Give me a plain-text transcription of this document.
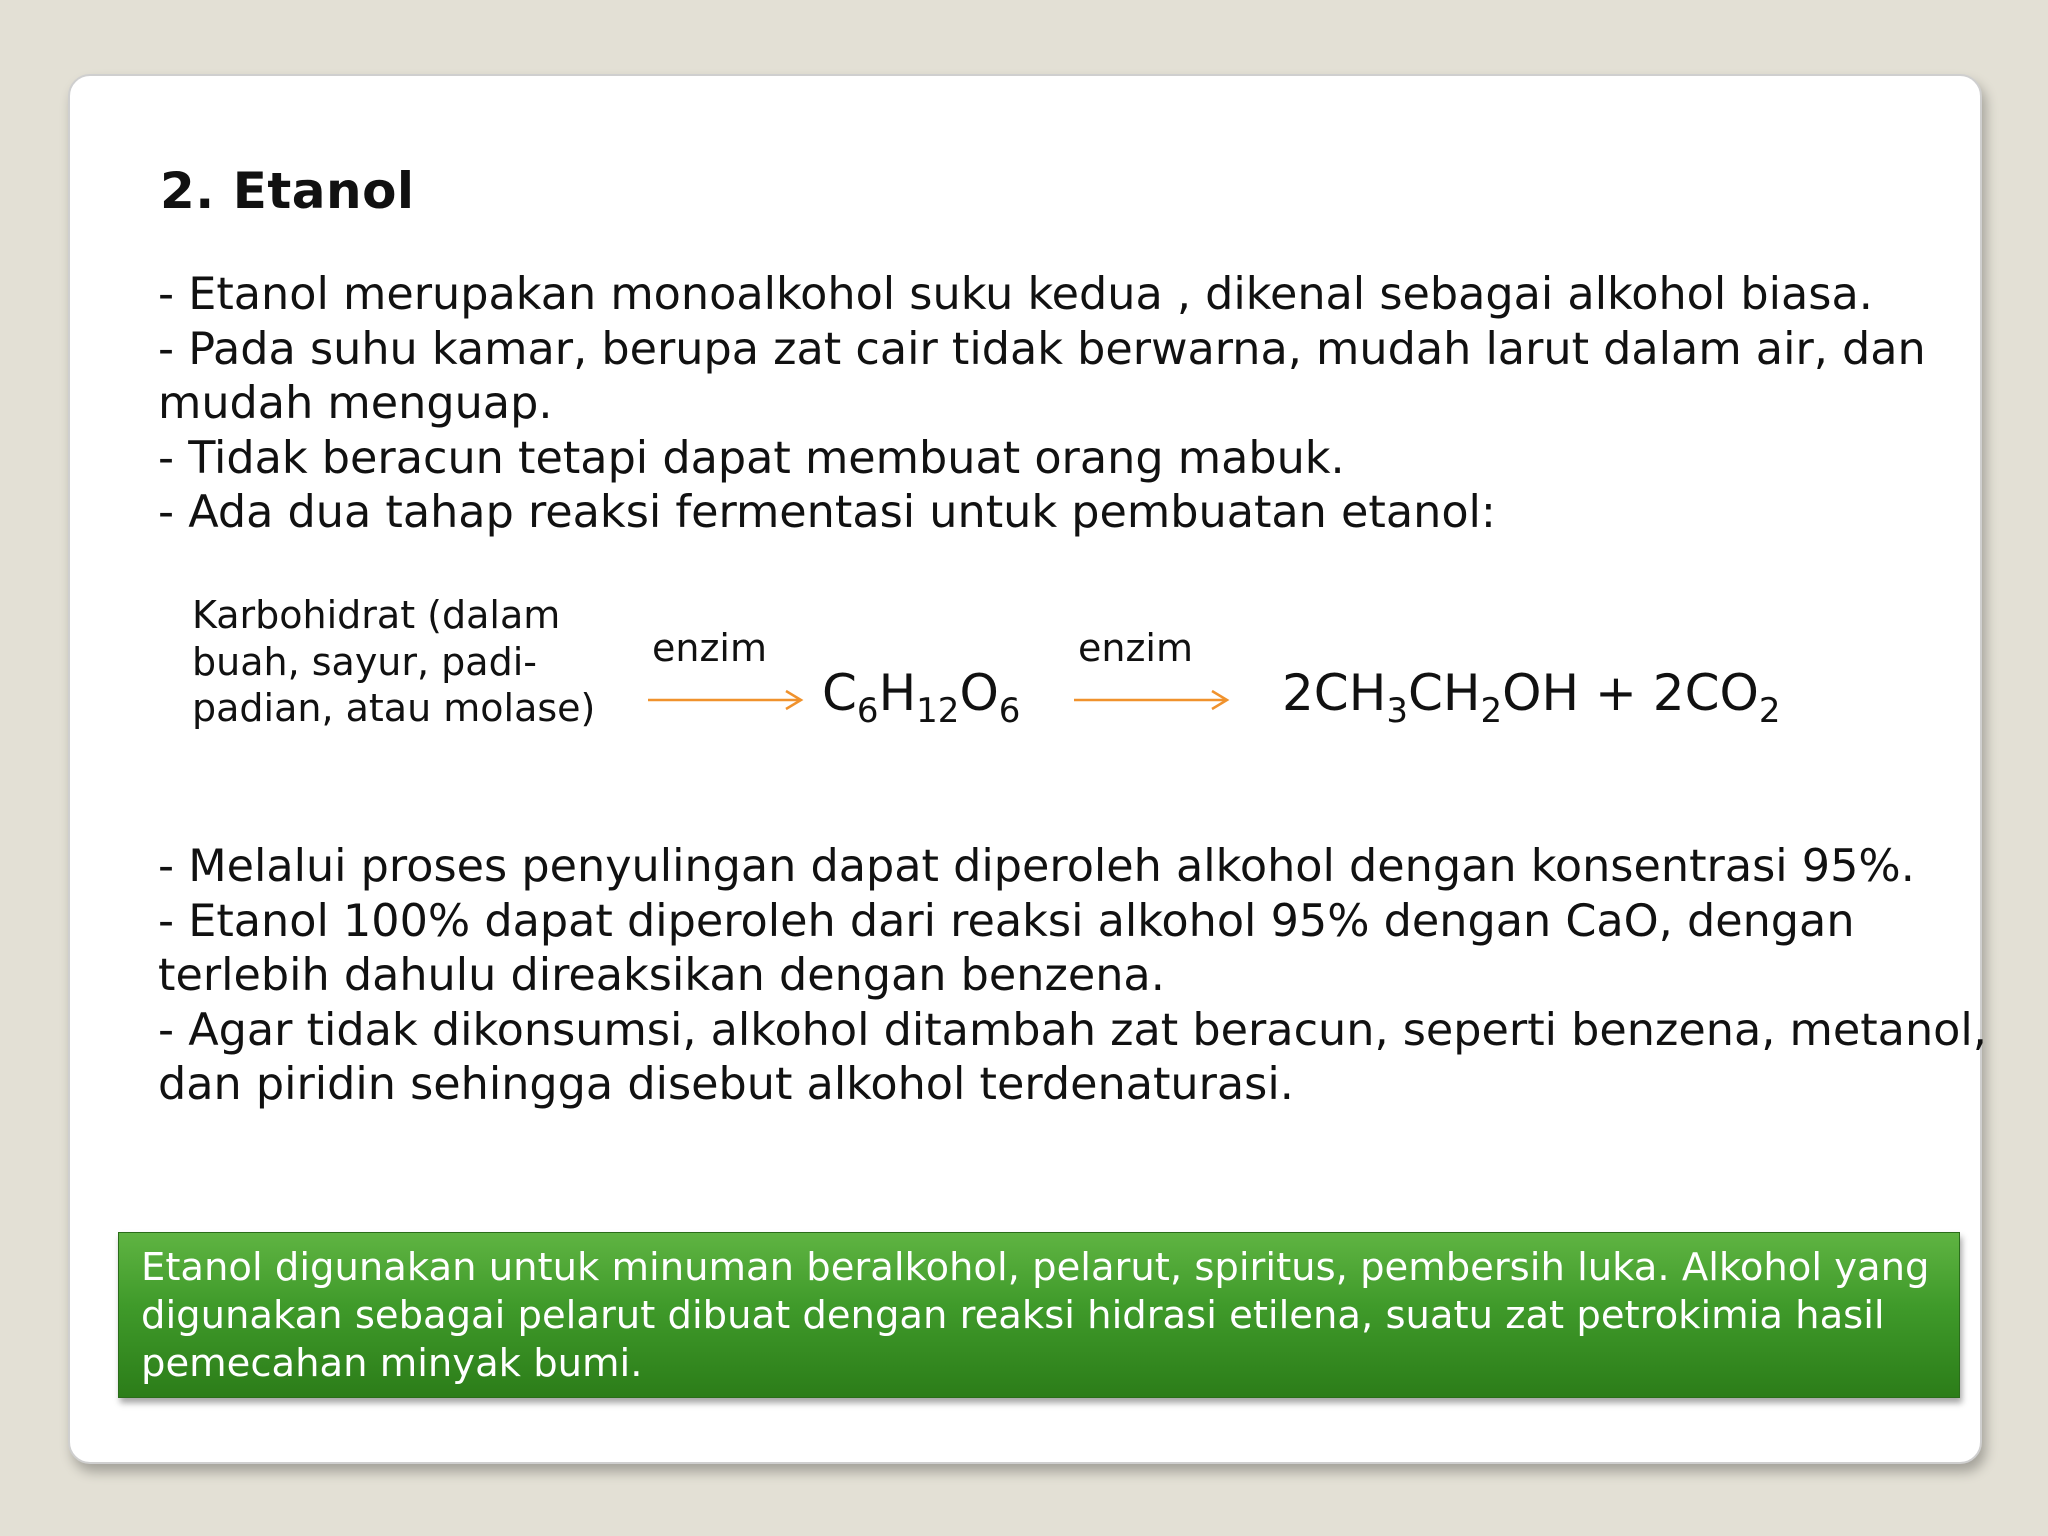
2. Etanol
- Etanol merupakan monoalkohol suku kedua , dikenal sebagai alkohol biasa.
- Pada suhu kamar, berupa zat cair tidak berwarna, mudah larut dalam air, dan mudah menguap.
- Tidak beracun tetapi dapat membuat orang mabuk.
- Ada dua tahap reaksi fermentasi untuk pembuatan etanol:
Karbohidrat (dalam buah, sayur, padi-padian, atau molase)
enzim
$C_6H_{12}O_6$
enzim
$2CH_3CH_2OH + 2CO_2$
- Melalui proses penyulingan dapat diperoleh alkohol dengan konsentrasi 95%.
- Etanol 100% dapat diperoleh dari reaksi alkohol 95% dengan CaO, dengan terlebih dahulu direaksikan dengan benzena.
- Agar tidak dikonsumsi, alkohol ditambah zat beracun, seperti benzena, metanol, dan piridin sehingga disebut alkohol terdenaturasi.
Etanol digunakan untuk minuman beralkohol, pelarut, spiritus, pembersih luka. Alkohol yang digunakan sebagai pelarut dibuat dengan reaksi hidrasi etilena, suatu zat petrokimia hasil pemecahan minyak bumi.
